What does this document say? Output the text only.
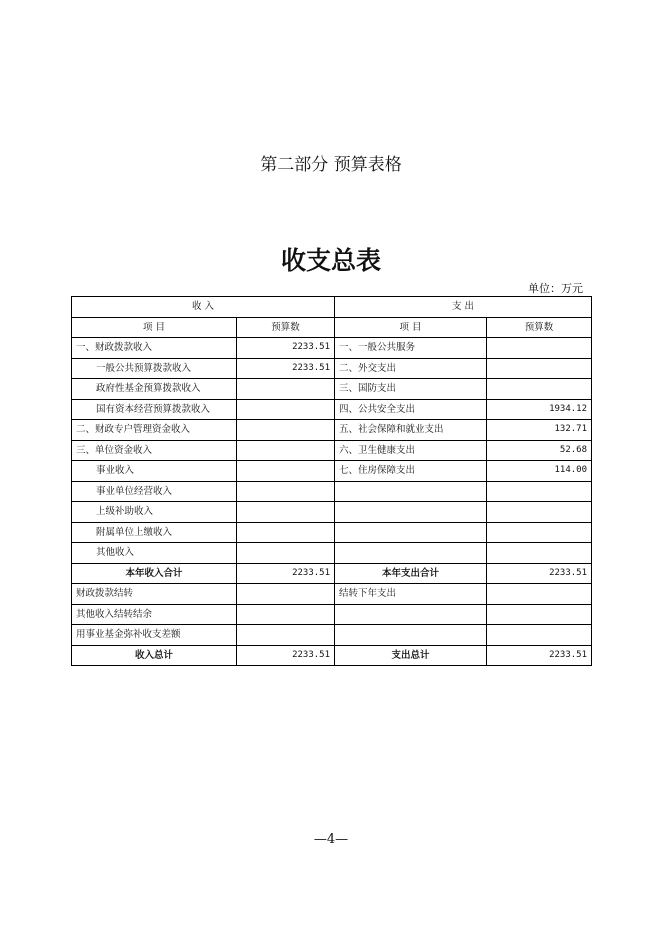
第二部分 预算表格
收支总表
单位：万元
收 入		支 出	
项 目	预算数	项 目	预算数
一、财政拨款收入	2233.51	一、一般公共服务	
一般公共预算拨款收入	2233.51	二、外交支出	
政府性基金预算拨款收入		三、国防支出	
国有资本经营预算拨款收入		四、公共安全支出	1934.12
二、财政专户管理资金收入		五、社会保障和就业支出	132.71
三、单位资金收入		六、卫生健康支出	52.68
事业收入		七、住房保障支出	114.00
事业单位经营收入			
上级补助收入			
附属单位上缴收入			
其他收入			
本年收入合计	2233.51	本年支出合计	2233.51
财政拨款结转		结转下年支出	
其他收入结转结余			
用事业基金弥补收支差额			
收入总计	2233.51	支出总计	2233.51
—4—
